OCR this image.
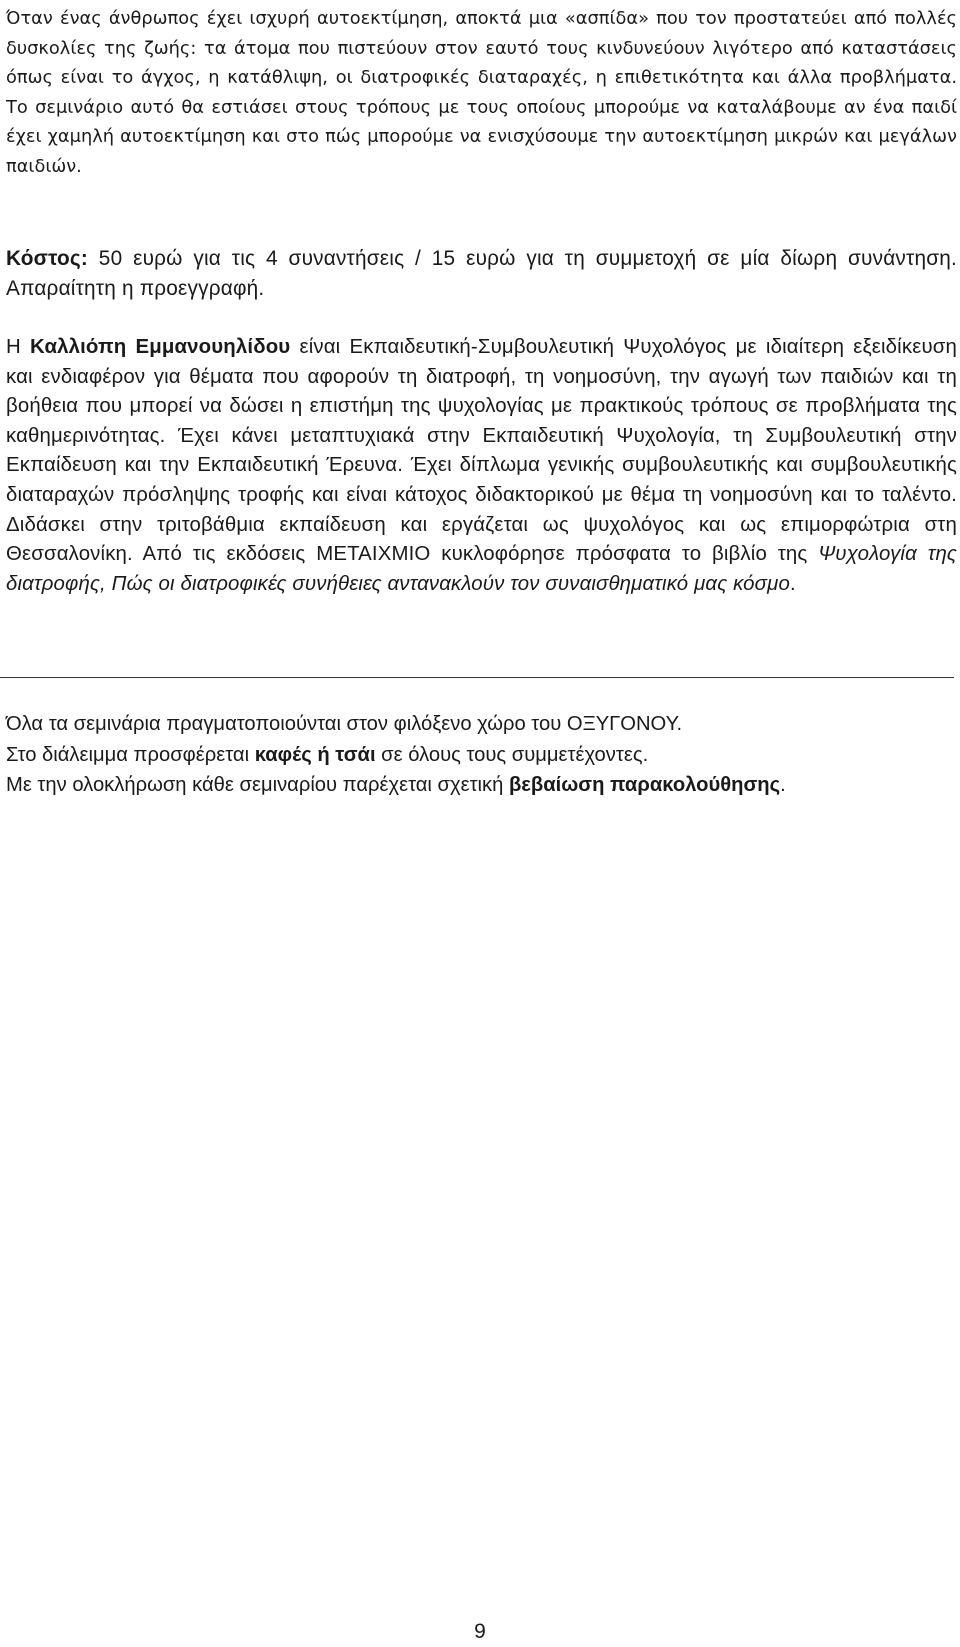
Όταν ένας άνθρωπος έχει ισχυρή αυτοεκτίμηση, αποκτά μια «ασπίδα» που τον προστατεύει από πολλές δυσκολίες της ζωής: τα άτομα που πιστεύουν στον εαυτό τους κινδυνεύουν λιγότερο από καταστάσεις όπως είναι το άγχος, η κατάθλιψη, οι διατροφικές διαταραχές, η επιθετικότητα και άλλα προβλήματα. Το σεμινάριο αυτό θα εστιάσει στους τρόπους με τους οποίους μπορούμε να καταλάβουμε αν ένα παιδί έχει χαμηλή αυτοεκτίμηση και στο πώς μπορούμε να ενισχύσουμε την αυτοεκτίμηση μικρών και μεγάλων παιδιών.

Κόστος: 50 ευρώ για τις 4 συναντήσεις / 15 ευρώ για τη συμμετοχή σε μία δίωρη συνάντηση. Απαραίτητη η προεγγραφή.

Η Καλλιόπη Εμμανουηλίδου είναι Εκπαιδευτική-Συμβουλευτική Ψυχολόγος με ιδιαίτερη εξειδίκευση και ενδιαφέρον για θέματα που αφορούν τη διατροφή, τη νοημοσύνη, την αγωγή των παιδιών και τη βοήθεια που μπορεί να δώσει η επιστήμη της ψυχολογίας με πρακτικούς τρόπους σε προβλήματα της καθημερινότητας. Έχει κάνει μεταπτυχιακά στην Εκπαιδευτική Ψυχολογία, τη Συμβουλευτική στην Εκπαίδευση και την Εκπαιδευτική Έρευνα. Έχει δίπλωμα γενικής συμβουλευτικής και συμβουλευτικής διαταραχών πρόσληψης τροφής και είναι κάτοχος διδακτορικού με θέμα τη νοημοσύνη και το ταλέντο. Διδάσκει στην τριτοβάθμια εκπαίδευση και εργάζεται ως ψυχολόγος και ως επιμορφώτρια στη Θεσσαλονίκη. Από τις εκδόσεις ΜΕΤΑΙΧΜΙΟ κυκλοφόρησε πρόσφατα το βιβλίο της Ψυχολογία της διατροφής, Πώς οι διατροφικές συνήθειες αντανακλούν τον συναισθηματικό μας κόσμο.

Όλα τα σεμινάρια πραγματοποιούνται στον φιλόξενο χώρο του ΟΞΥΓΟΝΟΥ.
Στο διάλειμμα προσφέρεται καφές ή τσάι σε όλους τους συμμετέχοντες.
Με την ολοκλήρωση κάθε σεμιναρίου παρέχεται σχετική βεβαίωση παρακολούθησης.
9
